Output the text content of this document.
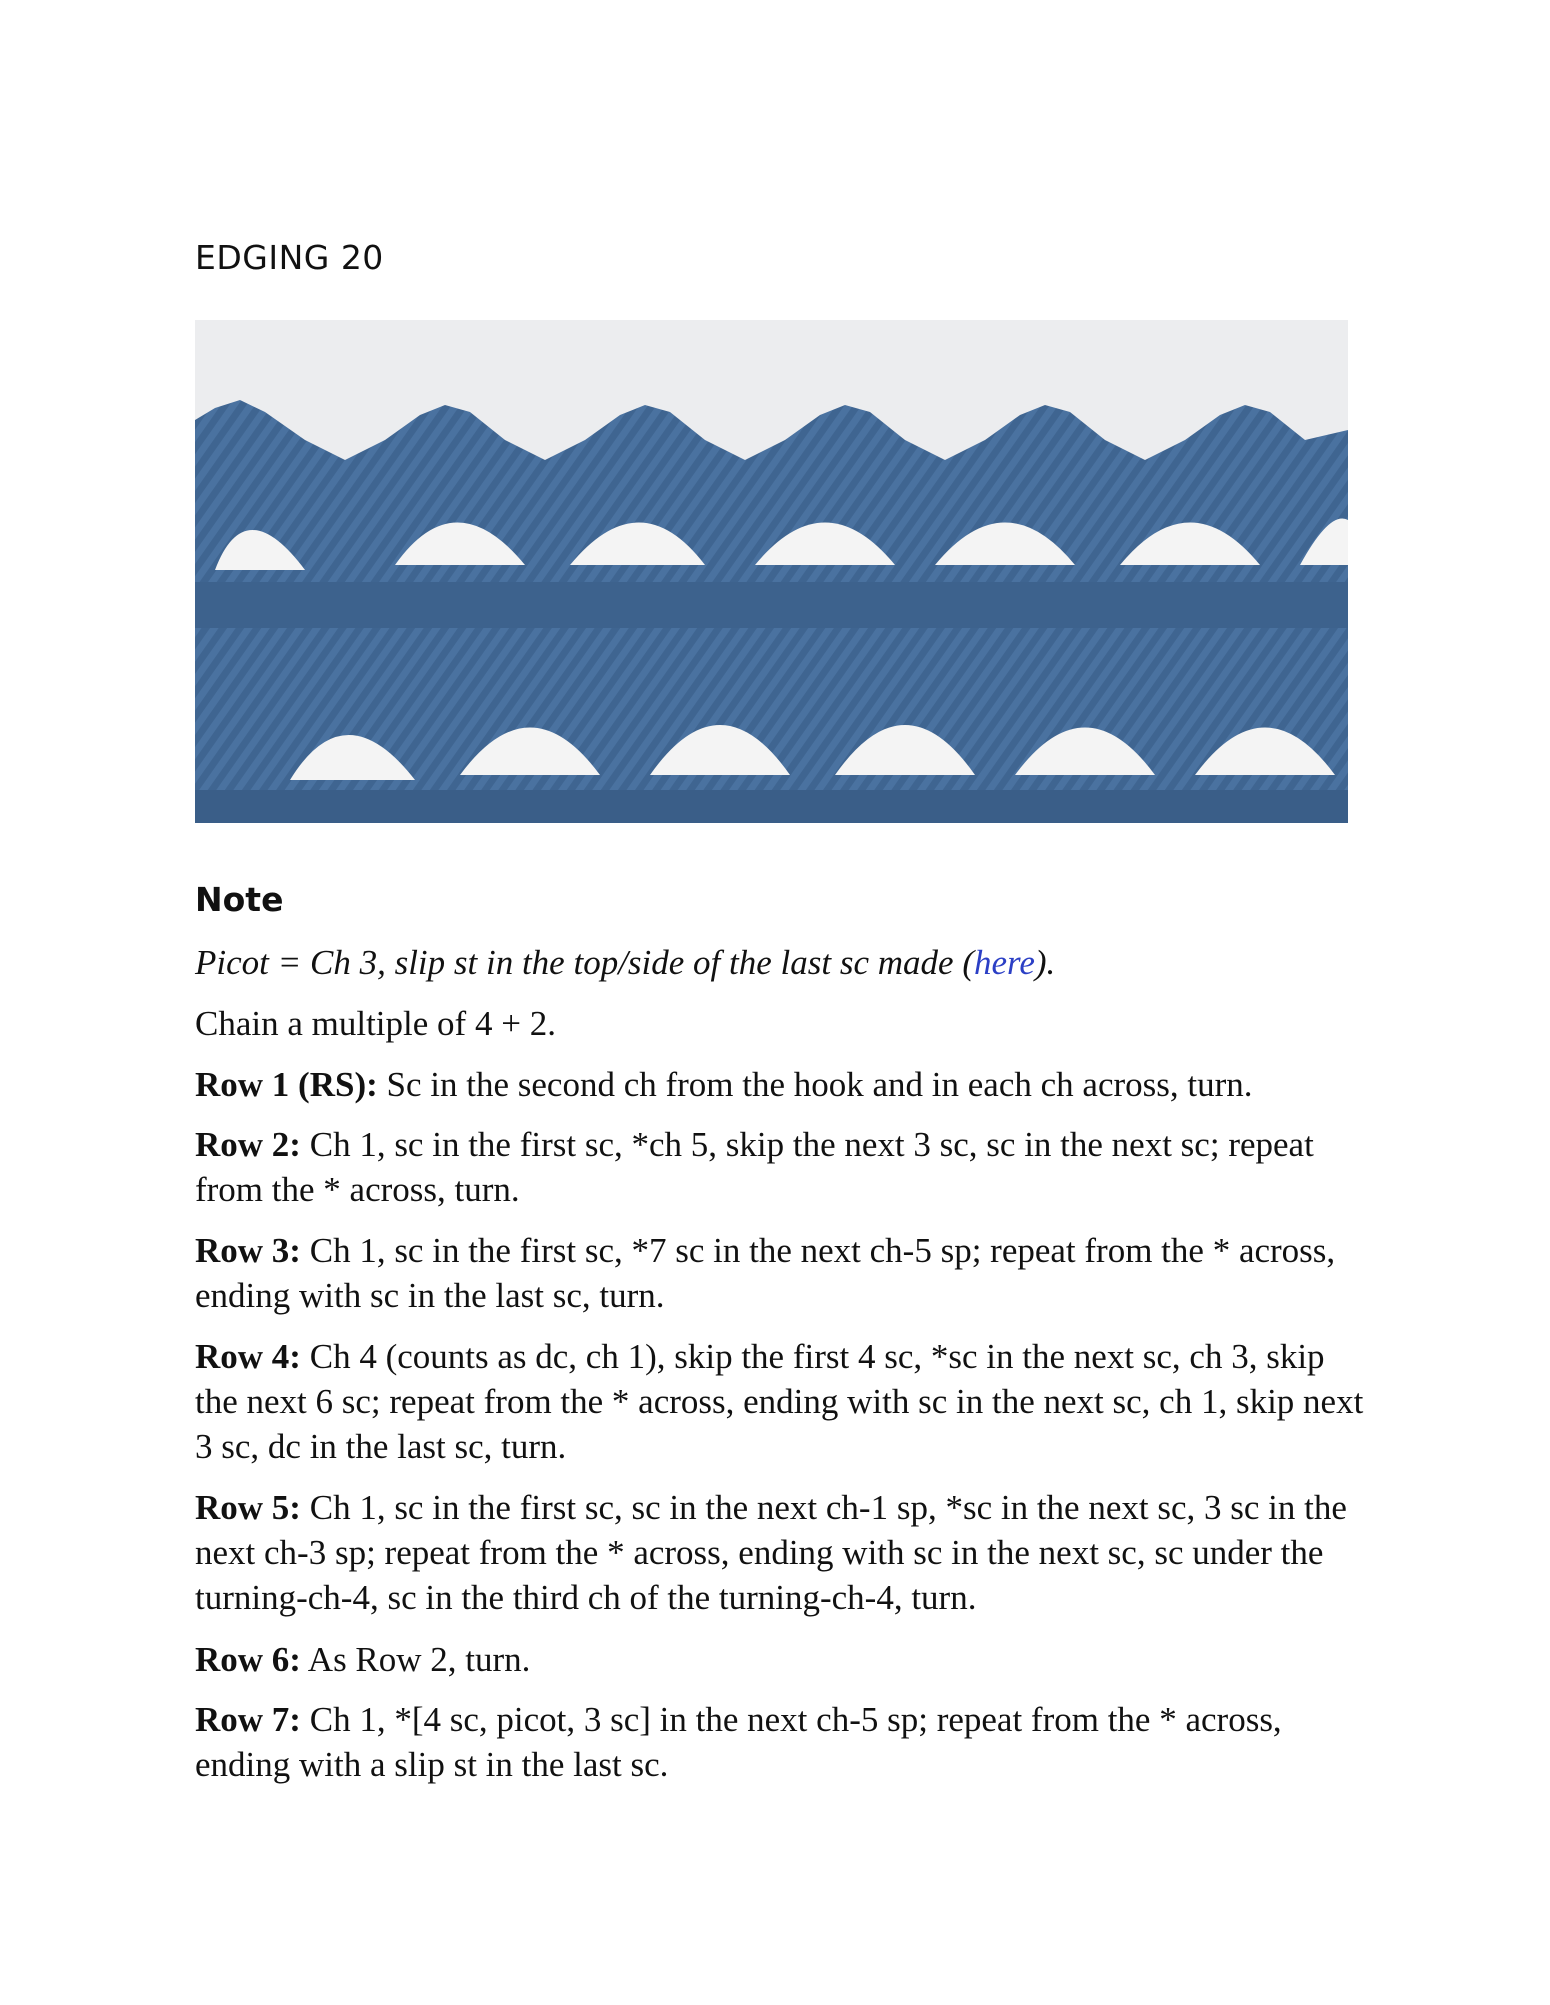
EDGING 20
Note
Picot = Ch 3, slip st in the top/side of the last sc made (here).
Chain a multiple of 4 + 2.
Row 1 (RS): Sc in the second ch from the hook and in each ch across, turn.
Row 2: Ch 1, sc in the first sc, *ch 5, skip the next 3 sc, sc in the next sc; repeat from the * across, turn.
Row 3: Ch 1, sc in the first sc, *7 sc in the next ch-5 sp; repeat from the * across, ending with sc in the last sc, turn.
Row 4: Ch 4 (counts as dc, ch 1), skip the first 4 sc, *sc in the next sc, ch 3, skip the next 6 sc; repeat from the * across, ending with sc in the next sc, ch 1, skip next 3 sc, dc in the last sc, turn.
Row 5: Ch 1, sc in the first sc, sc in the next ch-1 sp, *sc in the next sc, 3 sc in the next ch-3 sp; repeat from the * across, ending with sc in the next sc, sc under the turning-ch-4, sc in the third ch of the turning-ch-4, turn.
Row 6: As Row 2, turn.
Row 7: Ch 1, *[4 sc, picot, 3 sc] in the next ch-5 sp; repeat from the * across, ending with a slip st in the last sc.
